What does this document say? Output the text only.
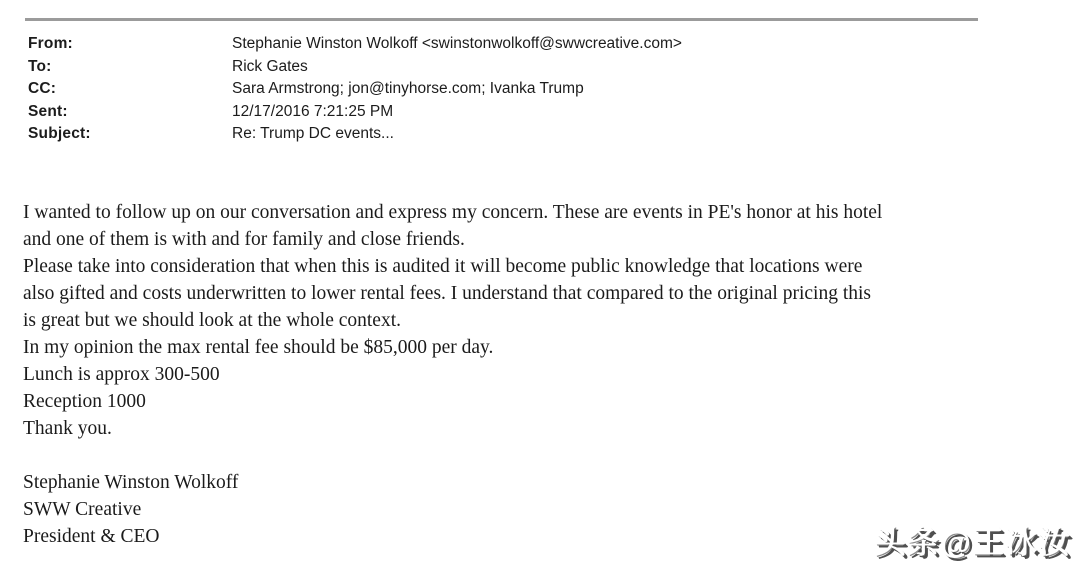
From:	Stephanie Winston Wolkoff <swinstonwolkoff@swwcreative.com>
To:	Rick Gates
CC:	Sara Armstrong; jon@tinyhorse.com; Ivanka Trump
Sent:	12/17/2016 7:21:25 PM
Subject:	Re: Trump DC events...
I wanted to follow up on our conversation and express my concern. These are events in PE's honor at his hotel
and one of them is with and for family and close friends.
Please take into consideration that when this is audited it will become public knowledge that locations were
also gifted and costs underwritten to lower rental fees. I understand that compared to the original pricing this
is great but we should look at the whole context.
In my opinion the max rental fee should be $85,000 per day.
Lunch is approx 300-500
Reception 1000
Thank you.
Stephanie Winston Wolkoff
SWW Creative
President & CEO	头条@王冰汝
